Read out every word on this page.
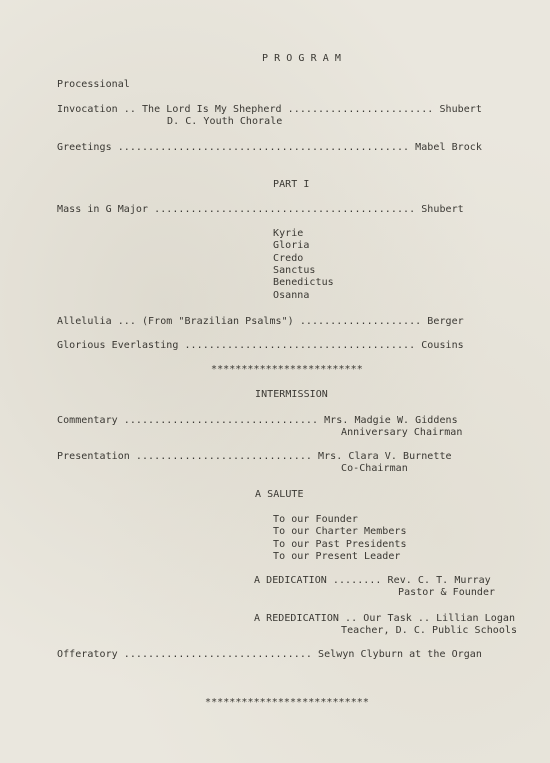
P R O G R A M
Processional
Invocation .. The Lord Is My Shepherd ........................ Shubert
D. C. Youth Chorale
Greetings ................................................ Mabel Brock
PART I
Mass in G Major ........................................... Shubert
Kyrie
Gloria
Credo
Sanctus
Benedictus
Osanna
Allelulia ... (From "Brazilian Psalms") .................... Berger
Glorious Everlasting ...................................... Cousins
*************************
INTERMISSION
Commentary ................................ Mrs. Madgie W. Giddens
Anniversary Chairman
Presentation ............................. Mrs. Clara V. Burnette
Co-Chairman
A SALUTE
To our Founder
To our Charter Members
To our Past Presidents
To our Present Leader
A DEDICATION ........ Rev. C. T. Murray
Pastor & Founder
A REDEDICATION .. Our Task .. Lillian Logan
Teacher, D. C. Public Schools
Offeratory ............................... Selwyn Clyburn at the Organ
***************************
